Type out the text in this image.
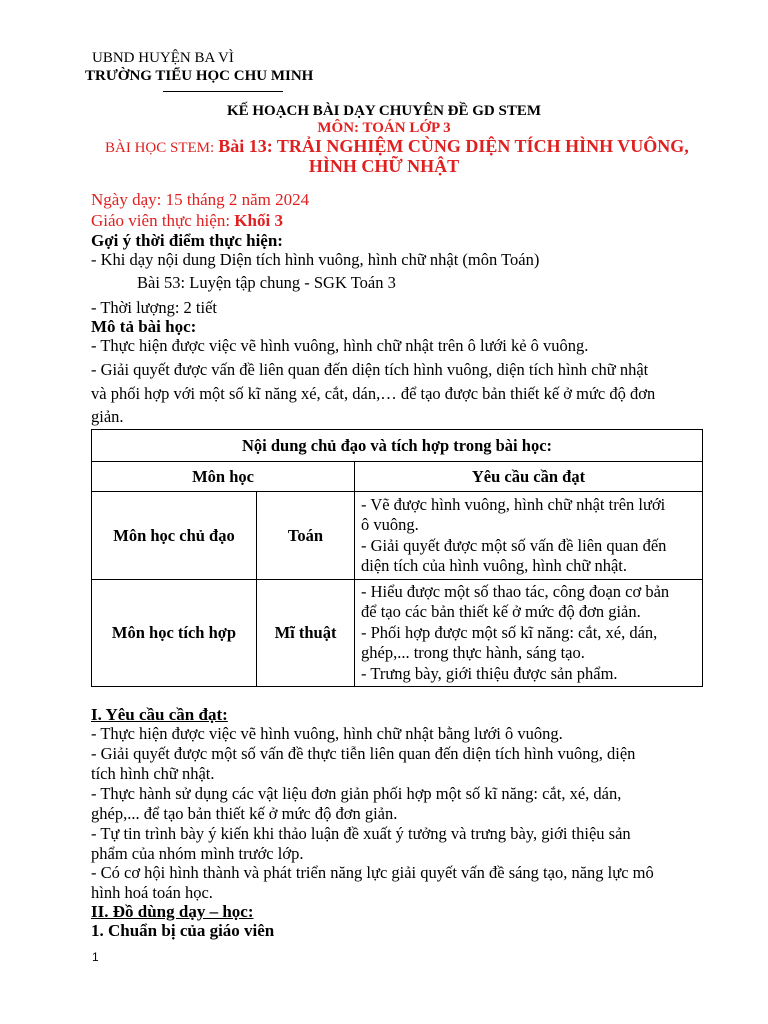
UBND HUYỆN BA VÌ
TRƯỜNG TIỂU HỌC CHU MINH
KẾ HOẠCH BÀI DẠY CHUYÊN ĐỀ GD STEM
MÔN: TOÁN LỚP 3
BÀI HỌC STEM: Bài 13: TRẢI NGHIỆM CÙNG DIỆN TÍCH HÌNH VUÔNG,
HÌNH CHỮ NHẬT
Ngày dạy: 15 tháng 2 năm 2024
Giáo viên thực hiện: Khối 3
Gợi ý thời điểm thực hiện:
- Khi dạy nội dung Diện tích hình vuông, hình chữ nhật (môn Toán)
Bài 53: Luyện tập chung - SGK Toán 3
- Thời lượng: 2 tiết
Mô tả bài học:
- Thực hiện được việc vẽ hình vuông, hình chữ nhật trên ô lưới kẻ ô vuông.
- Giải quyết được vấn đề liên quan đến diện tích hình vuông, diện tích hình chữ nhật
và phối hợp với một số kĩ năng xé, cắt, dán,… để tạo được bản thiết kế ở mức độ đơn
giản.
Nội dung chủ đạo và tích hợp trong bài học:		
Môn học		Yêu cầu cần đạt
Môn học chủ đạo	Toán	- Vẽ được hình vuông, hình chữ nhật trên lưới
ô vuông.
- Giải quyết được một số vấn đề liên quan đến
diện tích của hình vuông, hình chữ nhật.

Môn học tích hợp	Mĩ thuật	- Hiểu được một số thao tác, công đoạn cơ bản
để tạo các bản thiết kế ở mức độ đơn giản.
- Phối hợp được một số kĩ năng: cắt, xé, dán,
ghép,... trong thực hành, sáng tạo.
- Trưng bày, giới thiệu được sản phẩm.
I. Yêu cầu cần đạt:
- Thực hiện được việc vẽ hình vuông, hình chữ nhật bằng lưới ô vuông.
- Giải quyết được một số vấn đề thực tiễn liên quan đến diện tích hình vuông, diện
tích hình chữ nhật.
- Thực hành sử dụng các vật liệu đơn giản phối hợp một số kĩ năng: cắt, xé, dán,
ghép,... để tạo bản thiết kế ở mức độ đơn giản.
- Tự tin trình bày ý kiến khi thảo luận đề xuất ý tưởng và trưng bày, giới thiệu sản
phẩm của nhóm mình trước lớp.
- Có cơ hội hình thành và phát triển năng lực giải quyết vấn đề sáng tạo, năng lực mô
hình hoá toán học.
II. Đồ dùng dạy – học:
1. Chuẩn bị của giáo viên
1
